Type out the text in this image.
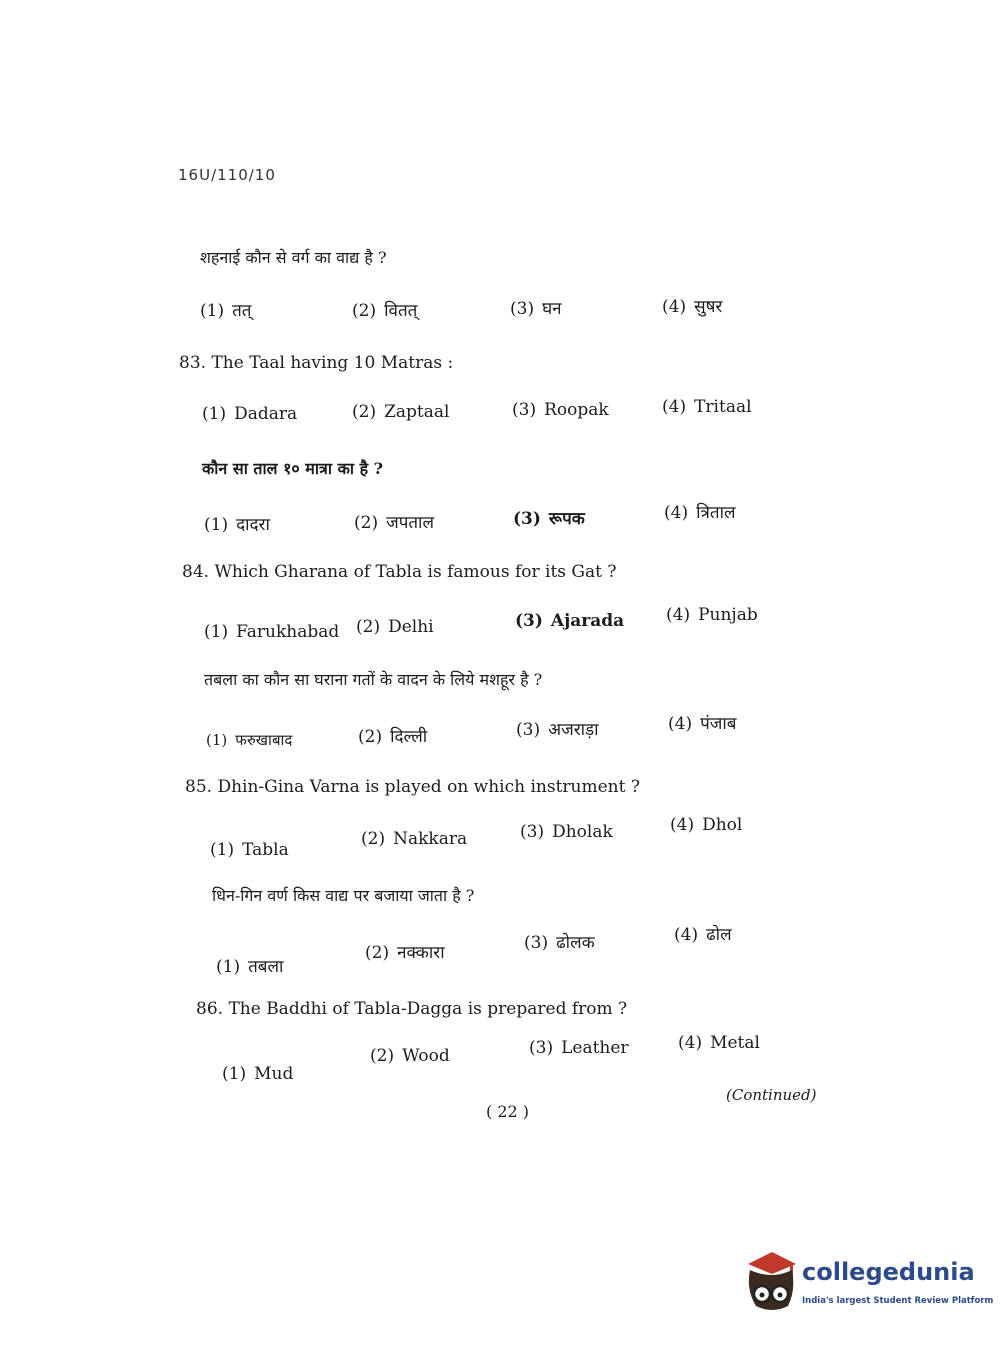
16U/110/10
शहनाई कौन से वर्ग का वाद्य है ?
(1) तत्	(2) वितत्	(3) घन	(4) सुषर
83. The Taal having 10 Matras :
(1) Dadara	(2) Zaptaal	(3) Roopak	(4) Tritaal
कौन सा ताल १० मात्रा का है ?
(1) दादरा	(2) जपताल	(3) रूपक	(4) त्रिताल
84. Which Gharana of Tabla is famous for its Gat ?
(1) Farukhabad (2) Delhi	(3) Ajarada (4) Punjab
तबला का कौन सा घराना गतों के वादन के लिये मशहूर है ?
(1) फरुखाबाद	(2) दिल्ली	(3) अजराड़ा	(4) पंजाब
85. Dhin-Gina Varna is played on which instrument ?
(1) Tabla
(2) Nakkara	(3) Dholak	(4) Dhol
धिन-गिन वर्ण किस वाद्य पर बजाया जाता है ?
(1) तबला
(2) नक्कारा	(3) ढोलक	(4) ढोल
86. The Baddhi of Tabla-Dagga is prepared from ?
(1) Mud
(2) Wood	(3) Leather	(4) Metal
(Continued)
( 22 )
collegedunia
India's largest Student Review Platform
